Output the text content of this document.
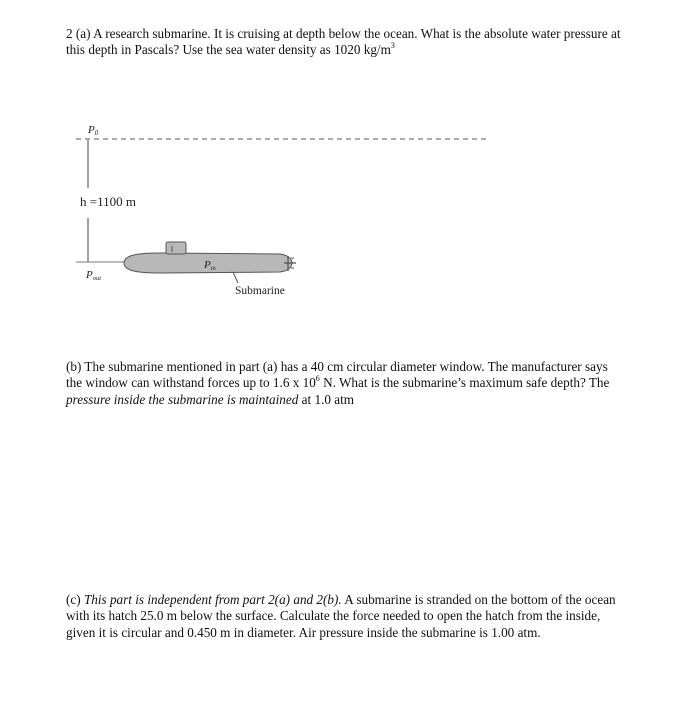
2 (a) A research submarine. It is cruising at depth below the ocean. What is the absolute water pressure at this depth in Pascals? Use the sea water density as 1020 $kg/m^3$
P0
h =1100 m
Pout
Pin
Submarine
(b) The submarine mentioned in part (a) has a 40 cm circular diameter window. The manufacturer says the window can withstand forces up to 1.6 x $10^6$ N. What is the submarine’s maximum safe depth? The pressure inside the submarine is maintained at 1.0 atm
(c) This part is independent from part 2(a) and 2(b). A submarine is stranded on the bottom of the ocean with its hatch 25.0 m below the surface. Calculate the force needed to open the hatch from the inside, given it is circular and 0.450 m in diameter. Air pressure inside the submarine is 1.00 atm.
